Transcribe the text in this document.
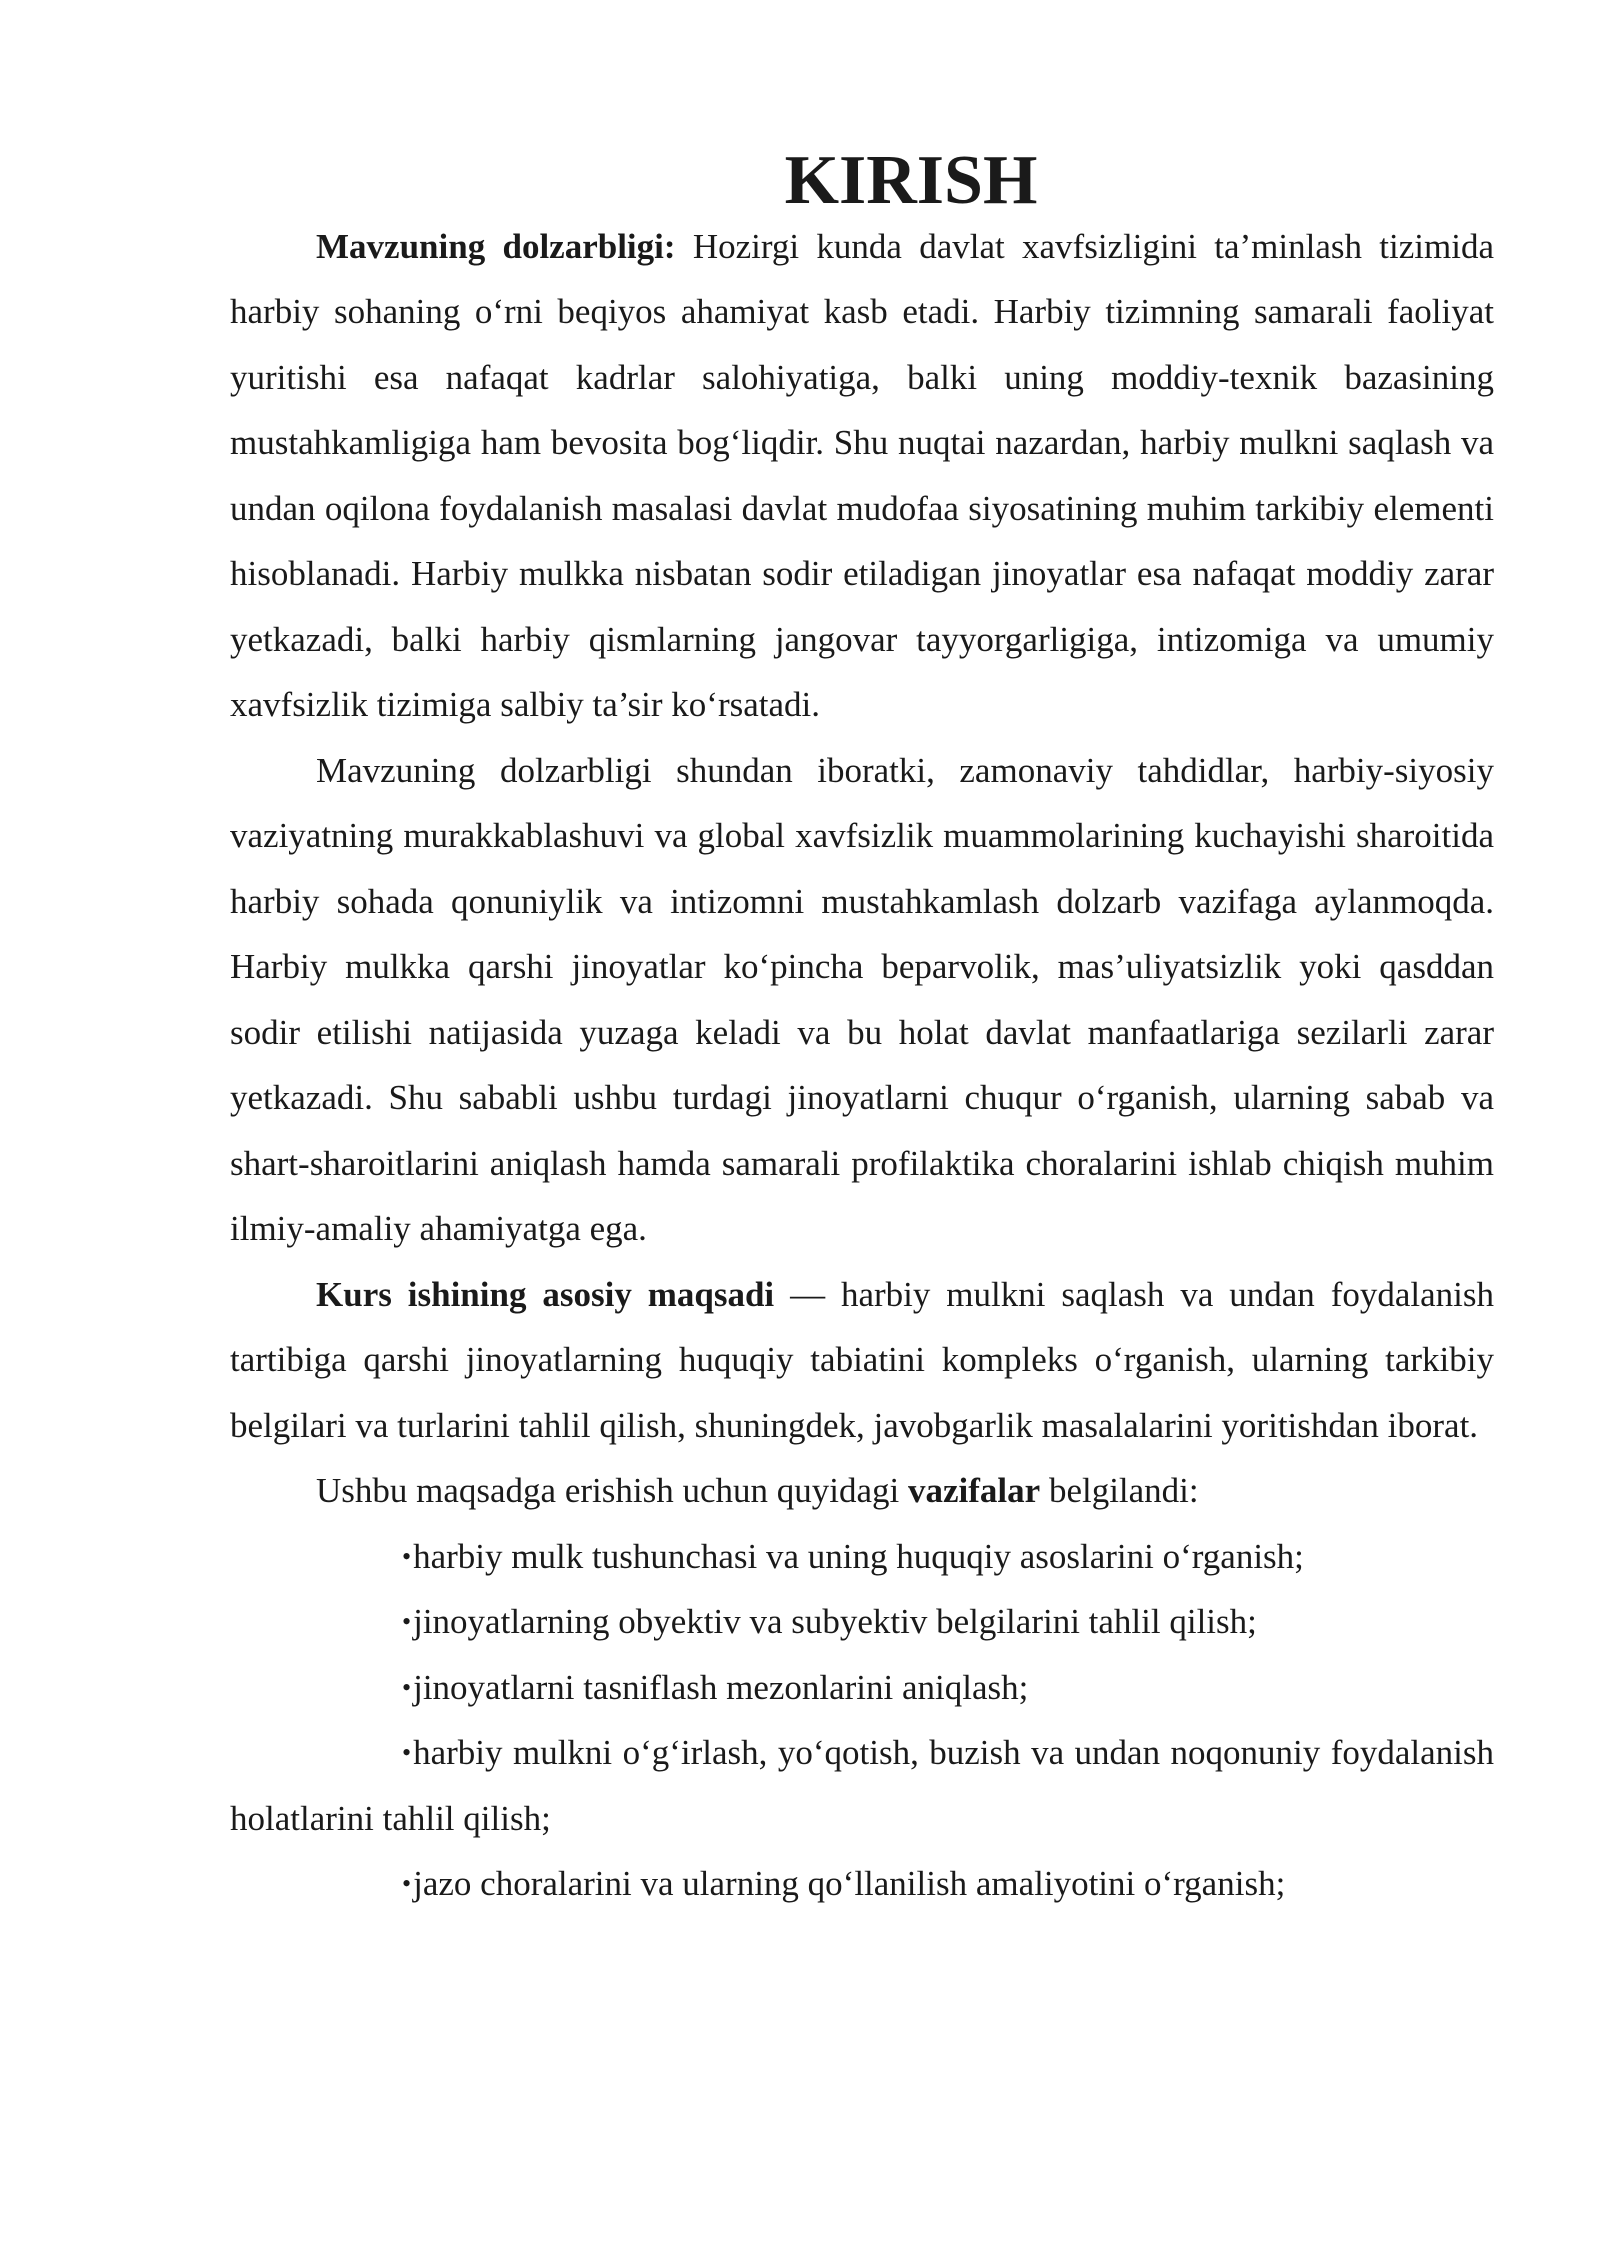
KIRISH

Mavzuning dolzarbligi: Hozirgi kunda davlat xavfsizligini ta’minlash tizimida harbiy sohaning o‘rni beqiyos ahamiyat kasb etadi. Harbiy tizimning samarali faoliyat yuritishi esa nafaqat kadrlar salohiyatiga, balki uning moddiy-texnik bazasining mustahkamligiga ham bevosita bog‘liqdir. Shu nuqtai nazardan, harbiy mulkni saqlash va undan oqilona foydalanish masalasi davlat mudofaa siyosatining muhim tarkibiy elementi hisoblanadi. Harbiy mulkka nisbatan sodir etiladigan jinoyatlar esa nafaqat moddiy zarar yetkazadi, balki harbiy qismlarning jangovar tayyorgarligiga, intizomiga va umumiy xavfsizlik tizimiga salbiy ta’sir ko‘rsatadi.

Mavzuning dolzarbligi shundan iboratki, zamonaviy tahdidlar, harbiy-siyosiy vaziyatning murakkablashuvi va global xavfsizlik muammolarining kuchayishi sharoitida harbiy sohada qonuniylik va intizomni mustahkamlash dolzarb vazifaga aylanmoqda. Harbiy mulkka qarshi jinoyatlar ko‘pincha beparvolik, mas’uliyatsizlik yoki qasddan sodir etilishi natijasida yuzaga keladi va bu holat davlat manfaatlariga sezilarli zarar yetkazadi. Shu sababli ushbu turdagi jinoyatlarni chuqur o‘rganish, ularning sabab va shart-sharoitlarini aniqlash hamda samarali profilaktika choralarini ishlab chiqish muhim ilmiy-amaliy ahamiyatga ega.

Kurs ishining asosiy maqsadi — harbiy mulkni saqlash va undan foydalanish tartibiga qarshi jinoyatlarning huquqiy tabiatini kompleks o‘rganish, ularning tarkibiy belgilari va turlarini tahlil qilish, shuningdek, javobgarlik masalalarini yoritishdan iborat.

Ushbu maqsadga erishish uchun quyidagi vazifalar belgilandi:

•harbiy mulk tushunchasi va uning huquqiy asoslarini o‘rganish;

•jinoyatlarning obyektiv va subyektiv belgilarini tahlil qilish;

•jinoyatlarni tasniflash mezonlarini aniqlash;

•harbiy mulkni o‘g‘irlash, yo‘qotish, buzish va undan noqonuniy foydalanish holatlarini tahlil qilish;

•jazo choralarini va ularning qo‘llanilish amaliyotini o‘rganish;
